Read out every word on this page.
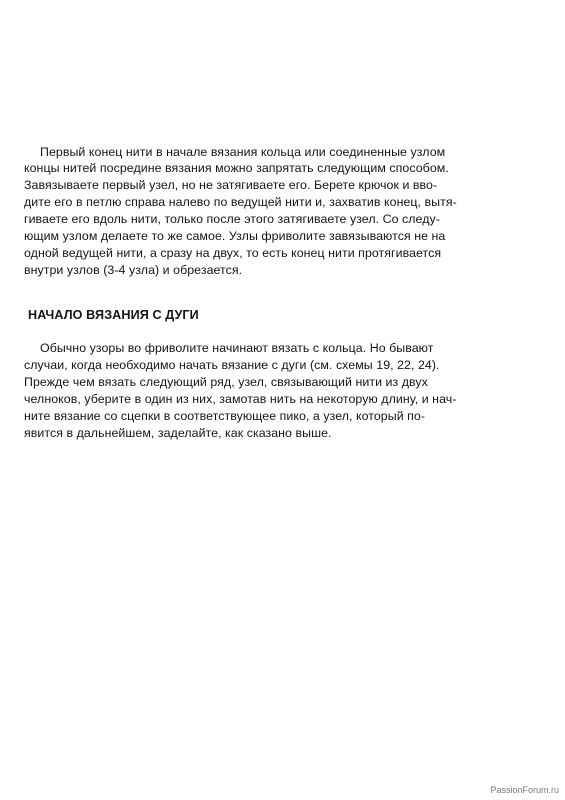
Первый конец нити в начале вязания кольца или соединенные узлом
концы нитей посредине вязания можно запрятать следующим способом.
Завязываете первый узел, но не затягиваете его. Берете крючок и вво-
дите его в петлю справа налево по ведущей нити и, захватив конец, вытя-
гиваете его вдоль нити, только после этого затягиваете узел. Со следу-
ющим узлом делаете то же самое. Узлы фриволите завязываются не на
одной ведущей нити, а сразу на двух, то есть конец нити протягивается
внутри узлов (3-4 узла) и обрезается.
НАЧАЛО ВЯЗАНИЯ С ДУГИ
Обычно узоры во фриволите начинают вязать с кольца. Но бывают
случаи, когда необходимо начать вязание с дуги (см. схемы 19, 22, 24).
Прежде чем вязать следующий ряд, узел, связывающий нити из двух
челноков, уберите в один из них, замотав нить на некоторую длину, и нач-
ните вязание со сцепки в соответствующее пико, а узел, который по-
явится в дальнейшем, заделайте, как сказано выше.
PassionForum.ru
